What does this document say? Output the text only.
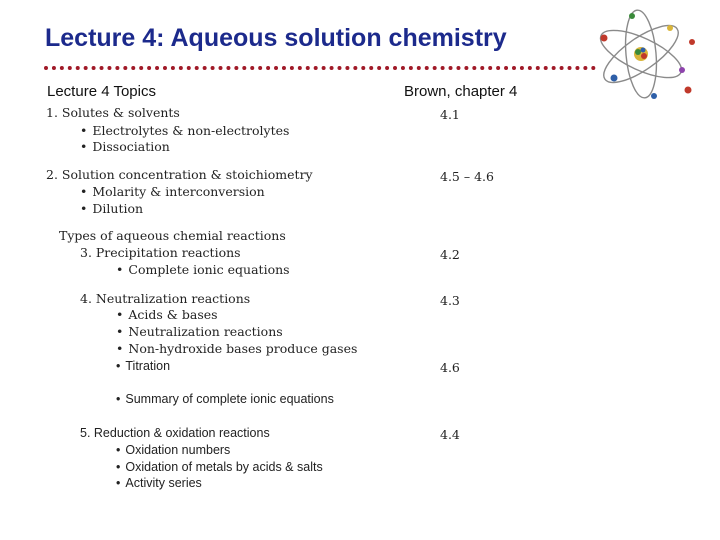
Lecture 4: Aqueous solution chemistry
Lecture 4 Topics	Brown, chapter 4
1. Solutes & solvents
• Electrolytes & non-electrolytes
• Dissociation
4.1
2. Solution concentration & stoichiometry
• Molarity & interconversion
• Dilution
4.5 – 4.6
Types of aqueous chemial reactions
3. Precipitation reactions
• Complete ionic equations
4.2
4. Neutralization reactions
• Acids & bases
• Neutralization reactions
• Non-hydroxide bases produce gases
• Titration
4.3
4.6
• Summary of complete ionic equations
5. Reduction & oxidation reactions
• Oxidation numbers
• Oxidation of metals by acids & salts
• Activity series
4.4
